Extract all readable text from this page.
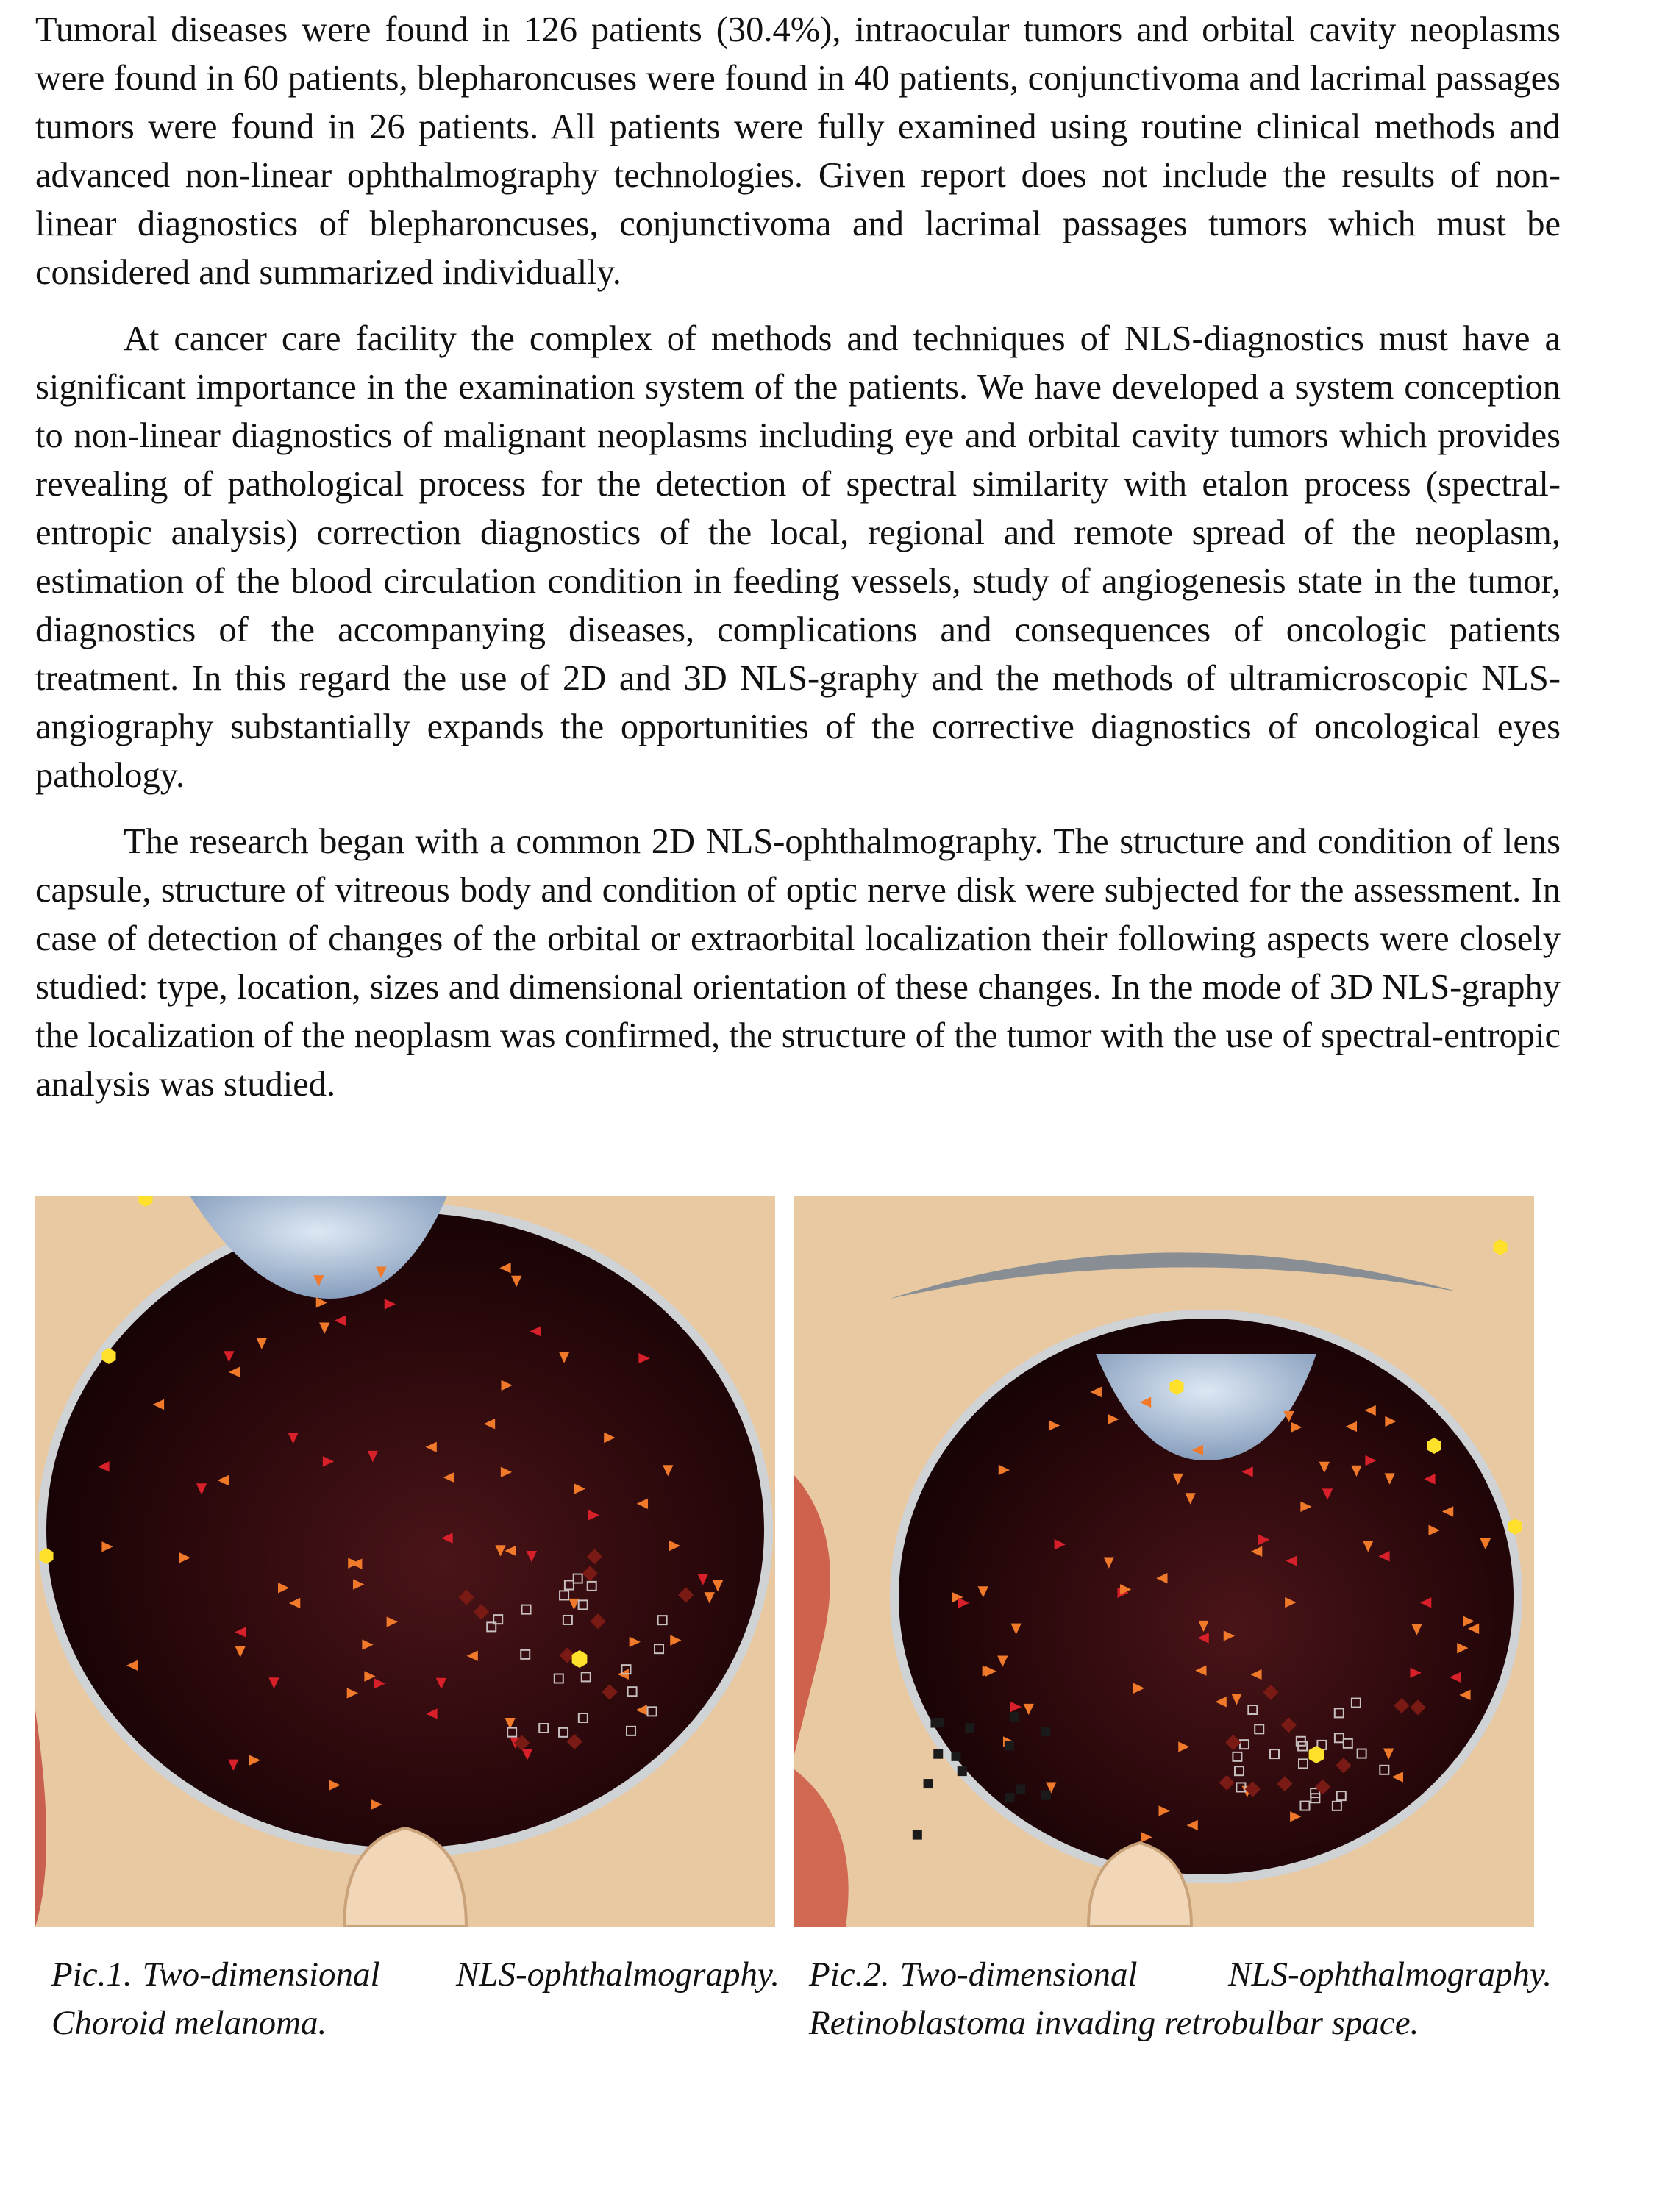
Tumoral diseases were found in 126 patients (30.4%), intraocular tumors and orbital cavity neoplasms were found in 60 patients, blepharoncuses were found in 40 patients, conjunctivoma and lacrimal passages tumors were found in 26 patients. All patients were fully examined using routine clinical methods and advanced non-linear ophthalmography technologies. Given report does not include the results of non-linear diagnostics of blepharoncuses, conjunctivoma and lacrimal passages tumors which must be considered and summarized individually.

At cancer care facility the complex of methods and techniques of NLS-diagnostics must have a significant importance in the examination system of the patients. We have developed a system conception to non-linear diagnostics of malignant neoplasms including eye and orbital cavity tumors which provides revealing of pathological process for the detection of spectral similarity with etalon process (spectral-entropic analysis) correction diagnostics of the local, regional and remote spread of the neoplasm, estimation of the blood circulation condition in feeding vessels, study of angiogenesis state in the tumor, diagnostics of the accompanying diseases, complications and consequences of oncologic patients treatment. In this regard the use of 2D and 3D NLS-graphy and the methods of ultramicroscopic NLS-angiography substantially expands the opportunities of the corrective diagnostics of oncological eyes pathology.

The research began with a common 2D NLS-ophthalmography. The structure and condition of lens capsule, structure of vitreous body and condition of optic nerve disk were subjected for the assessment. In case of detection of changes of the orbital or extraorbital localization their following aspects were closely studied: type, location, sizes and dimensional orientation of these changes. In the mode of 3D NLS-graphy the localization of the neoplasm was confirmed, the structure of the tumor with the use of spectral-entropic analysis was studied.

Pic.1. Two-dimensional NLS-ophthalmography. Choroid melanoma.

Pic.2. Two-dimensional NLS-ophthalmography. Retinoblastoma invading retrobulbar space.
